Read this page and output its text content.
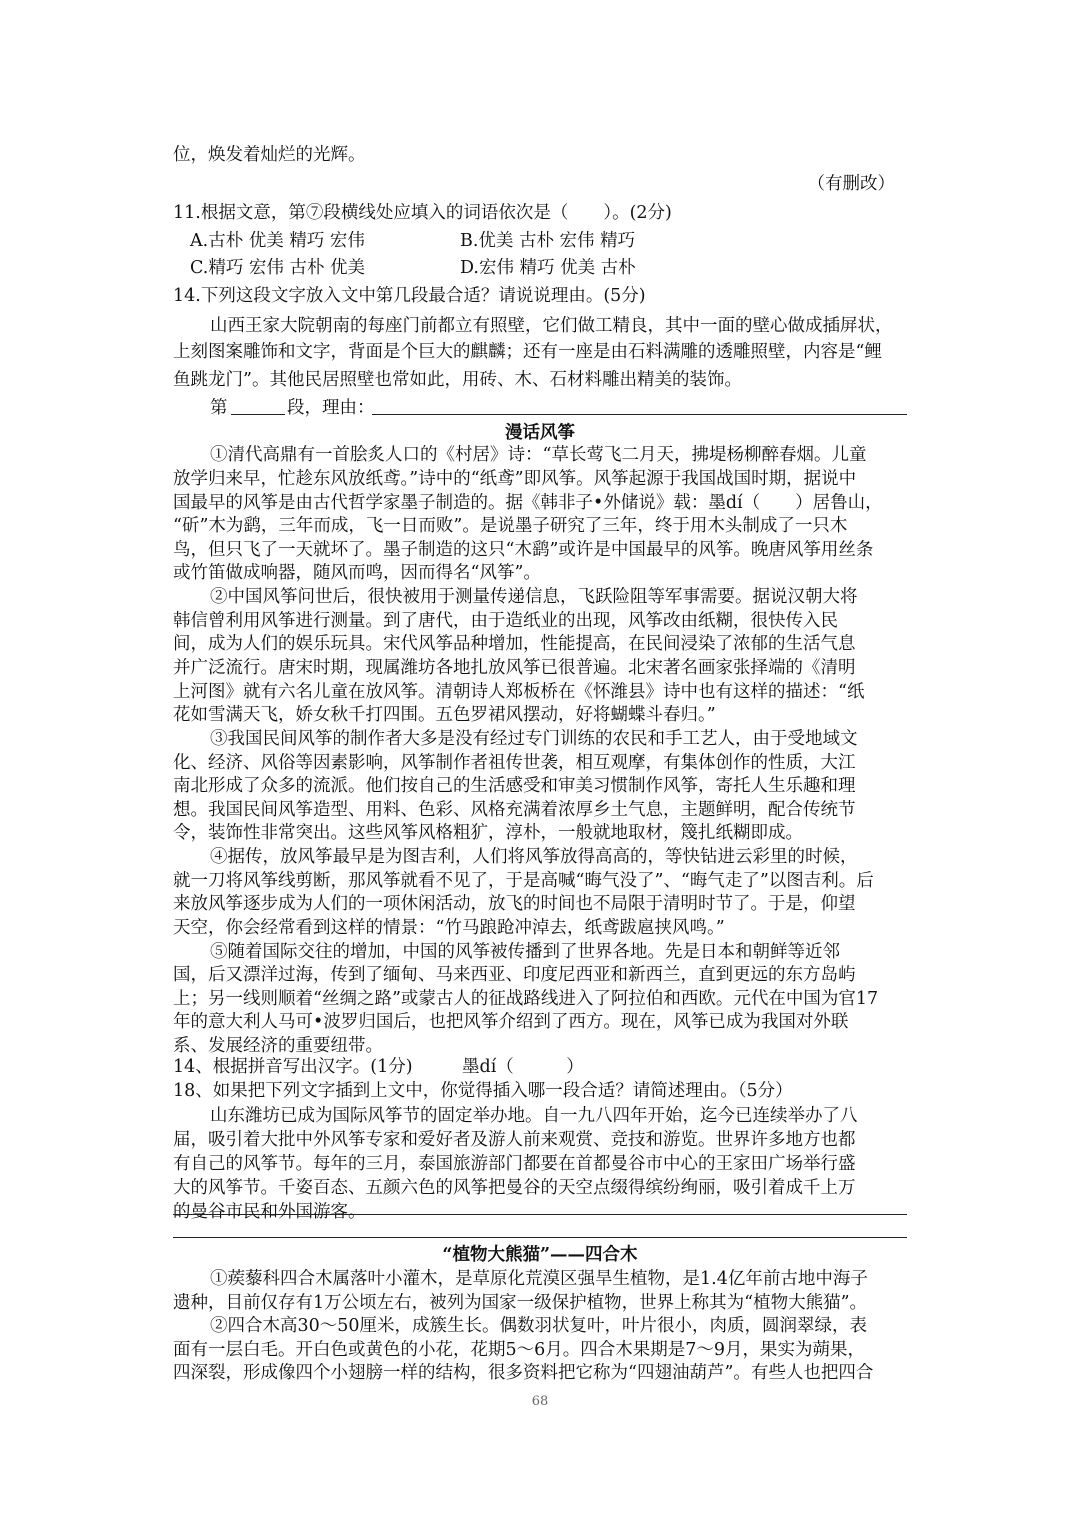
位，焕发着灿烂的光辉。
（有删改）
11.根据文意，第⑦段横线处应填入的词语依次是（　　）。(2分)
A.古朴 优美 精巧 宏伟	B.优美 古朴 宏伟 精巧
C.精巧 宏伟 古朴 优美	D.宏伟 精巧 优美 古朴
14.下列这段文字放入文中第几段最合适？请说说理由。(5分)
山西王家大院朝南的每座门前都立有照壁，它们做工精良，其中一面的壁心做成插屏状，
上刻图案雕饰和文字，背面是个巨大的麒麟；还有一座是由石料满雕的透雕照壁，内容是“鲤
鱼跳龙门”。其他民居照壁也常如此，用砖、木、石材料雕出精美的装饰。
第	段，理由：
漫话风筝
①清代高鼎有一首脍炙人口的《村居》诗：“草长莺飞二月天，拂堤杨柳醉春烟。儿童
放学归来早，忙趁东风放纸鸢。”诗中的“纸鸢”即风筝。风筝起源于我国战国时期，据说中
国最早的风筝是由古代哲学家墨子制造的。据《韩非子•外储说》载：墨dí（　　）居鲁山，
“斫”木为鹞，三年而成，飞一日而败”。是说墨子研究了三年，终于用木头制成了一只木
鸟，但只飞了一天就坏了。墨子制造的这只“木鹞”或许是中国最早的风筝。晚唐风筝用丝条
或竹笛做成响器，随风而鸣，因而得名“风筝”。
②中国风筝问世后，很快被用于测量传递信息，飞跃险阻等军事需要。据说汉朝大将
韩信曾利用风筝进行测量。到了唐代，由于造纸业的出现，风筝改由纸糊，很快传入民
间，成为人们的娱乐玩具。宋代风筝品种增加，性能提高，在民间浸染了浓郁的生活气息
并广泛流行。唐宋时期，现属潍坊各地扎放风筝已很普遍。北宋著名画家张择端的《清明
上河图》就有六名儿童在放风筝。清朝诗人郑板桥在《怀潍县》诗中也有这样的描述：“纸
花如雪满天飞，娇女秋千打四围。五色罗裙风摆动，好将蝴蝶斗春归。”
③我国民间风筝的制作者大多是没有经过专门训练的农民和手工艺人，由于受地域文
化、经济、风俗等因素影响，风筝制作者祖传世袭，相互观摩，有集体创作的性质，大江
南北形成了众多的流派。他们按自己的生活感受和审美习惯制作风筝，寄托人生乐趣和理
想。我国民间风筝造型、用料、色彩、风格充满着浓厚乡土气息，主题鲜明，配合传统节
令，装饰性非常突出。这些风筝风格粗犷，淳朴，一般就地取材，篾扎纸糊即成。
④据传，放风筝最早是为图吉利，人们将风筝放得高高的，等快钻进云彩里的时候，
就一刀将风筝线剪断，那风筝就看不见了，于是高喊“晦气没了”、“晦气走了”以图吉利。后
来放风筝逐步成为人们的一项休闲活动，放飞的时间也不局限于清明时节了。于是，仰望
天空，你会经常看到这样的情景：“竹马踉跄冲淖去，纸鸢跋扈挟风鸣。”
⑤随着国际交往的增加，中国的风筝被传播到了世界各地。先是日本和朝鲜等近邻
国，后又漂洋过海，传到了缅甸、马来西亚、印度尼西亚和新西兰，直到更远的东方岛屿
上；另一线则顺着“丝绸之路”或蒙古人的征战路线进入了阿拉伯和西欧。元代在中国为官17
年的意大利人马可•波罗归国后，也把风筝介绍到了西方。现在，风筝已成为我国对外联
系、发展经济的重要纽带。
14、根据拼音写出汉字。(1分)	墨dí（　　　）
18、如果把下列文字插到上文中，你觉得插入哪一段合适？请简述理由。（5分）
山东潍坊已成为国际风筝节的固定举办地。自一九八四年开始，迄今已连续举办了八
届，吸引着大批中外风筝专家和爱好者及游人前来观赏、竞技和游览。世界许多地方也都
有自己的风筝节。每年的三月，泰国旅游部门都要在首都曼谷市中心的王家田广场举行盛
大的风筝节。千姿百态、五颜六色的风筝把曼谷的天空点缀得缤纷绚丽，吸引着成千上万
的曼谷市民和外国游客。
“植物大熊猫”——四合木
①蒺藜科四合木属落叶小灌木，是草原化荒漠区强旱生植物，是1.4亿年前古地中海子
遗种，目前仅存有1万公顷左右，被列为国家一级保护植物，世界上称其为“植物大熊猫”。
②四合木高30～50厘米，成簇生长。偶数羽状复叶，叶片很小，肉质，圆润翠绿，表
面有一层白毛。开白色或黄色的小花，花期5～6月。四合木果期是7～9月，果实为蒴果，
四深裂，形成像四个小翅膀一样的结构，很多资料把它称为“四翅油葫芦”。有些人也把四合
68
